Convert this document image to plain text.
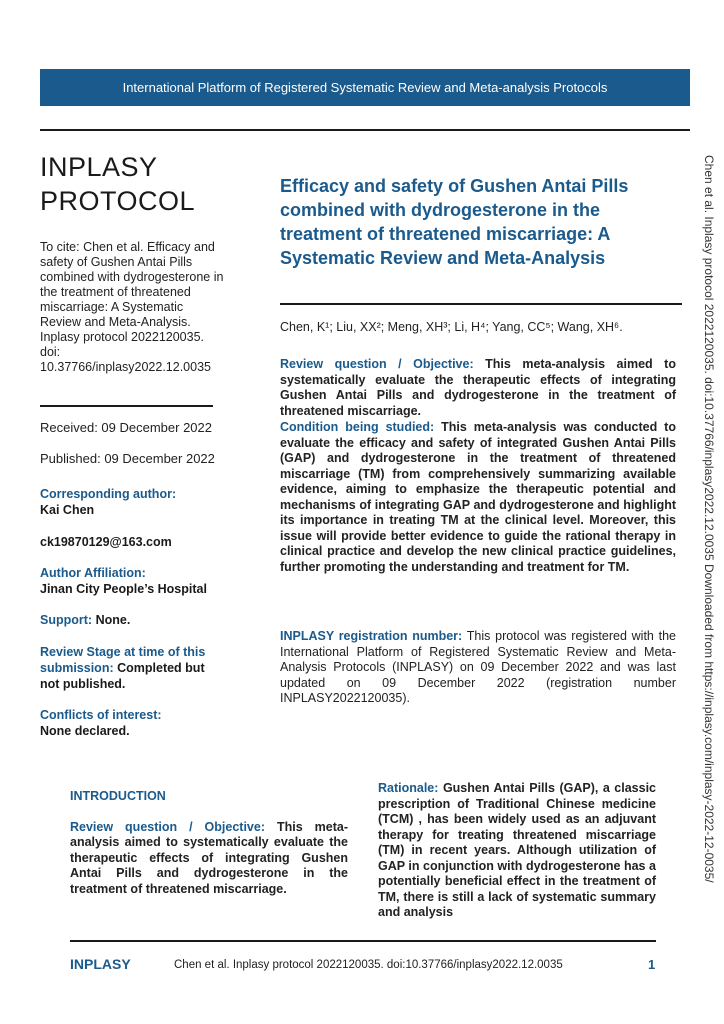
International Platform of Registered Systematic Review and Meta-analysis Protocols
INPLASY
PROTOCOL
To cite: Chen et al. Efficacy and safety of Gushen Antai Pills combined with dydrogesterone in the treatment of threatened miscarriage: A Systematic Review and Meta-Analysis. Inplasy protocol 2022120035. doi: 10.37766/inplasy2022.12.0035
Received: 09 December 2022
Published: 09 December 2022
Corresponding author:
Kai Chen
ck19870129@163.com
Author Affiliation:
Jinan City People’s Hospital
Support: None.
Review Stage at time of this submission: Completed but not published.
Conflicts of interest:
None declared.
Efficacy and safety of Gushen Antai Pills combined with dydrogesterone in the treatment of threatened miscarriage: A Systematic Review and Meta-Analysis
Chen, K¹; Liu, XX²; Meng, XH³; Li, H⁴; Yang, CC⁵; Wang, XH⁶.
Review question / Objective: This meta-analysis aimed to systematically evaluate the therapeutic effects of integrating Gushen Antai Pills and dydrogesterone in the treatment of threatened miscarriage.
Condition being studied: This meta-analysis was conducted to evaluate the efficacy and safety of integrated Gushen Antai Pills (GAP) and dydrogesterone in the treatment of threatened miscarriage (TM) from comprehensively summarizing available evidence, aiming to emphasize the therapeutic potential and mechanisms of integrating GAP and dydrogesterone and highlight its importance in treating TM at the clinical level. Moreover, this issue will provide better evidence to guide the rational therapy in clinical practice and develop the new clinical practice guidelines, further promoting the understanding and treatment for TM.
INPLASY registration number: This protocol was registered with the International Platform of Registered Systematic Review and Meta-Analysis Protocols (INPLASY) on 09 December 2022 and was last updated on 09 December 2022 (registration number INPLASY2022120035).
INTRODUCTION
Review question / Objective: This meta-analysis aimed to systematically evaluate the therapeutic effects of integrating Gushen Antai Pills and dydrogesterone in the treatment of threatened miscarriage.
Rationale: Gushen Antai Pills (GAP), a classic prescription of Traditional Chinese medicine (TCM) , has been widely used as an adjuvant therapy for treating threatened miscarriage (TM) in recent years. Although utilization of GAP in conjunction with dydrogesterone has a potentially beneficial effect in the treatment of TM, there is still a lack of systematic summary and analysis
Chen et al. Inplasy protocol 2022120035. doi:10.37766/inplasy2022.12.0035 Downloaded from https://inplasy.com/inplasy-2022-12-0035/
INPLASY	Chen et al. Inplasy protocol 2022120035. doi:10.37766/inplasy2022.12.0035	1
